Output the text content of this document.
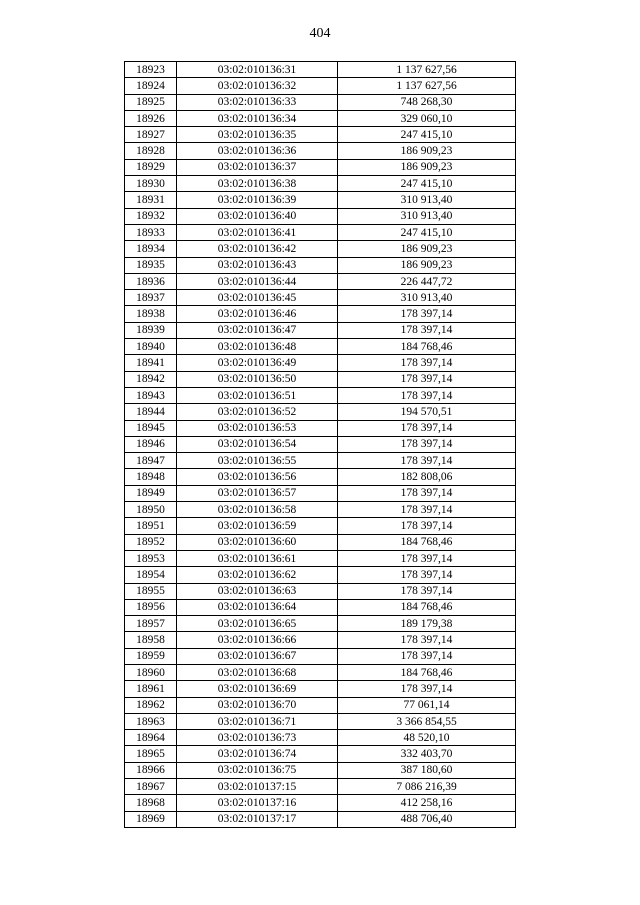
404
18923	03:02:010136:31	1 137 627,56
18924	03:02:010136:32	1 137 627,56
18925	03:02:010136:33	748 268,30
18926	03:02:010136:34	329 060,10
18927	03:02:010136:35	247 415,10
18928	03:02:010136:36	186 909,23
18929	03:02:010136:37	186 909,23
18930	03:02:010136:38	247 415,10
18931	03:02:010136:39	310 913,40
18932	03:02:010136:40	310 913,40
18933	03:02:010136:41	247 415,10
18934	03:02:010136:42	186 909,23
18935	03:02:010136:43	186 909,23
18936	03:02:010136:44	226 447,72
18937	03:02:010136:45	310 913,40
18938	03:02:010136:46	178 397,14
18939	03:02:010136:47	178 397,14
18940	03:02:010136:48	184 768,46
18941	03:02:010136:49	178 397,14
18942	03:02:010136:50	178 397,14
18943	03:02:010136:51	178 397,14
18944	03:02:010136:52	194 570,51
18945	03:02:010136:53	178 397,14
18946	03:02:010136:54	178 397,14
18947	03:02:010136:55	178 397,14
18948	03:02:010136:56	182 808,06
18949	03:02:010136:57	178 397,14
18950	03:02:010136:58	178 397,14
18951	03:02:010136:59	178 397,14
18952	03:02:010136:60	184 768,46
18953	03:02:010136:61	178 397,14
18954	03:02:010136:62	178 397,14
18955	03:02:010136:63	178 397,14
18956	03:02:010136:64	184 768,46
18957	03:02:010136:65	189 179,38
18958	03:02:010136:66	178 397,14
18959	03:02:010136:67	178 397,14
18960	03:02:010136:68	184 768,46
18961	03:02:010136:69	178 397,14
18962	03:02:010136:70	77 061,14
18963	03:02:010136:71	3 366 854,55
18964	03:02:010136:73	48 520,10
18965	03:02:010136:74	332 403,70
18966	03:02:010136:75	387 180,60
18967	03:02:010137:15	7 086 216,39
18968	03:02:010137:16	412 258,16
18969	03:02:010137:17	488 706,40
